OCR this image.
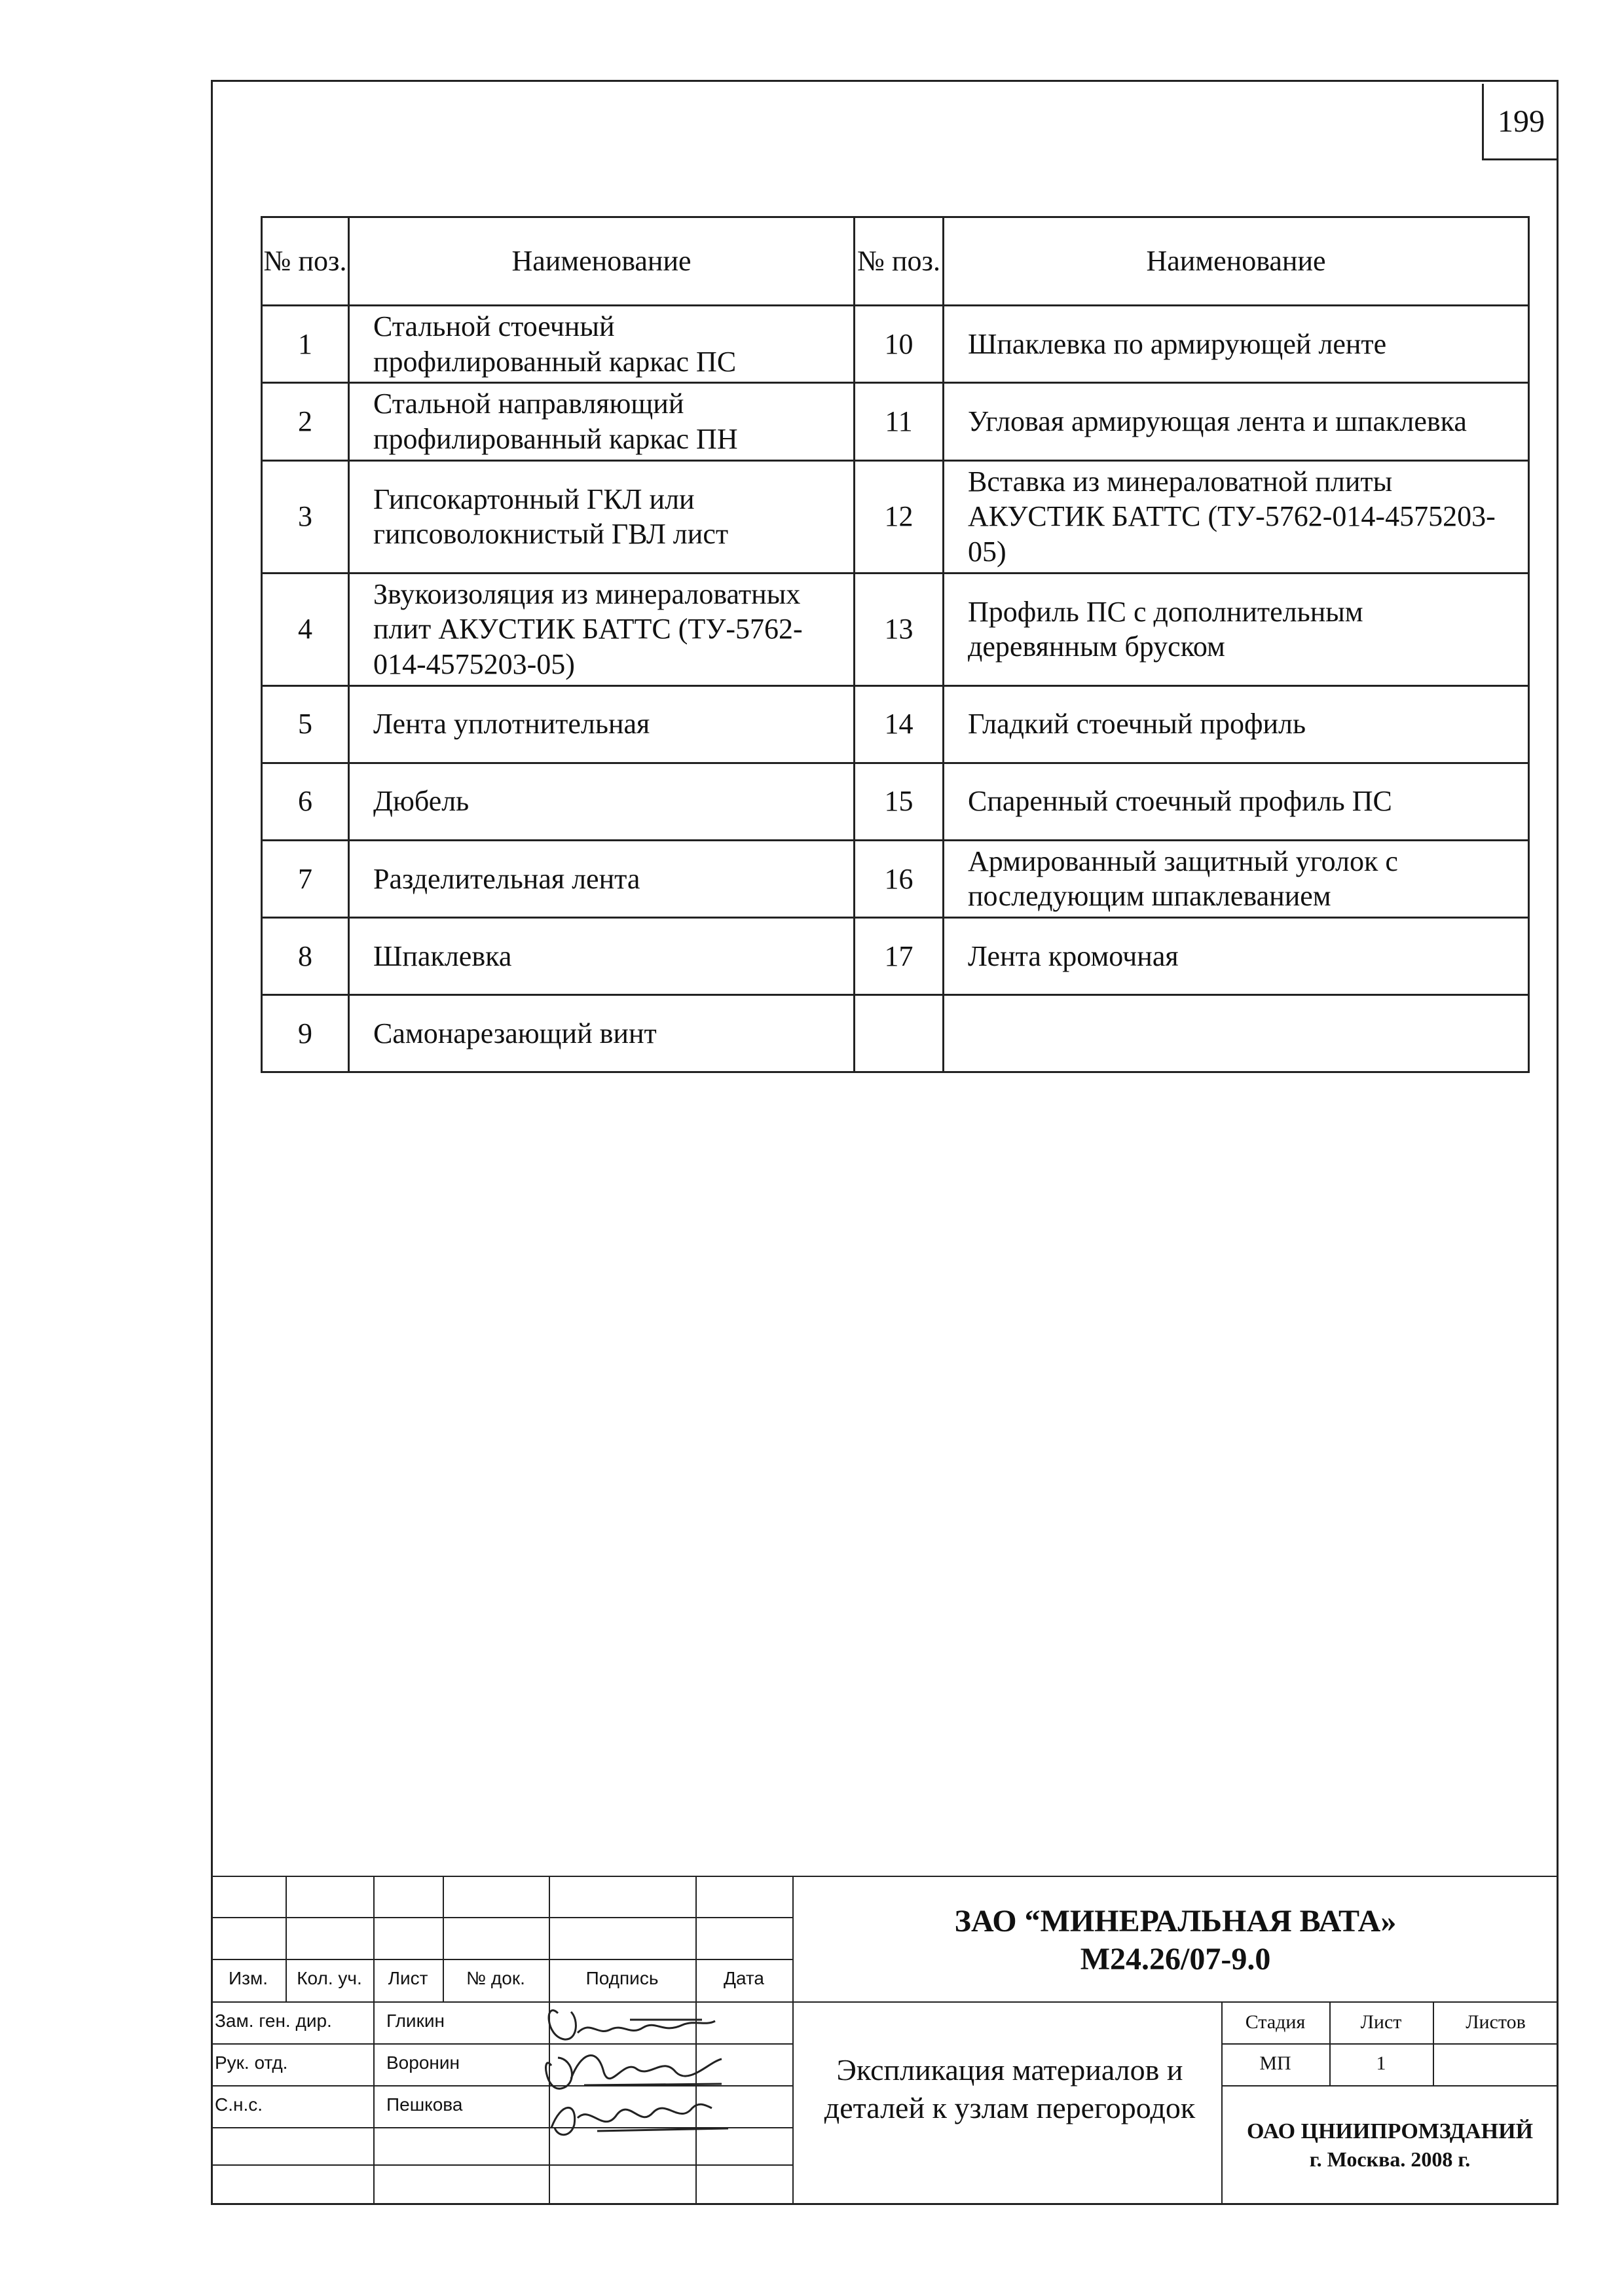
199
№ поз.	Наименование	№ поз.	Наименование
1	Стальной стоечный профилированный каркас ПС	10	Шпаклевка по армирующей ленте
2	Стальной направляющий профилированный каркас ПН	11	Угловая армирующая лента и шпаклевка
3	Гипсокартонный ГКЛ или гипсоволокнистый ГВЛ лист	12	Вставка из минераловатной плиты АКУСТИК БАТТС (ТУ-5762-014-4575203-05)
4	Звукоизоляция из минераловатных плит АКУСТИК БАТТС (ТУ-5762-014-4575203-05)	13	Профиль ПС с дополнительным деревянным бруском
5	Лента уплотнительная	14	Гладкий стоечный профиль
6	Дюбель	15	Спаренный стоечный профиль ПС
7	Разделительная лента	16	Армированный защитный уголок с последующим шпаклеванием
8	Шпаклевка	17	Лента кромочная
9	Самонарезающий винт		
Изм.	Кол. уч.	Лист	№ док.	Подпись	Дата
Зам. ген. дир.	Гликин
Рук. отд.	Воронин
С.н.с.	Пешкова
ЗАО “МИНЕРАЛЬНАЯ ВАТА»
М24.26/07-9.0
Экспликация материалов и деталей к узлам перегородок
Стадия	Лист	Листов
МП	1
ОАО ЦНИИПРОМЗДАНИЙ
г. Москва. 2008 г.
